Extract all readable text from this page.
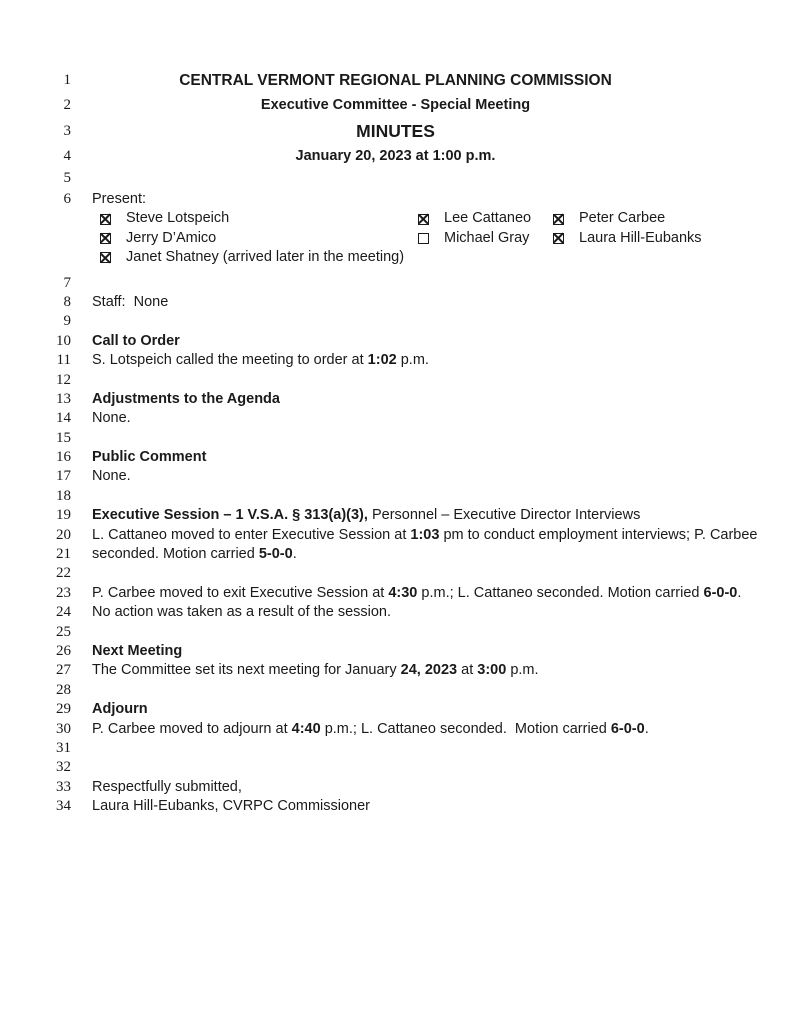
1	CENTRAL VERMONT REGIONAL PLANNING COMMISSION
2	Executive Committee - Special Meeting
3	MINUTES
4	January 20, 2023 at 1:00 p.m.
5
6 Present:
Steve Lotspeich	Lee Cattaneo	Peter Carbee
Jerry D’Amico	Michael Gray	Laura Hill-Eubanks
Janet Shatney (arrived later in the meeting)
7
8 Staff:  None
9
10 Call to Order
11 S. Lotspeich called the meeting to order at 1:02 p.m.
12
13 Adjustments to the Agenda
14 None.
15
16 Public Comment
17 None.
18
19 Executive Session – 1 V.S.A. § 313(a)(3), Personnel – Executive Director Interviews
20 L. Cattaneo moved to enter Executive Session at 1:03 pm to conduct employment interviews; P. Carbee
21 seconded. Motion carried 5-0-0.
22
23 P. Carbee moved to exit Executive Session at 4:30 p.m.; L. Cattaneo seconded. Motion carried 6-0-0.
24 No action was taken as a result of the session.
25
26 Next Meeting
27 The Committee set its next meeting for January 24, 2023 at 3:00 p.m.
28
29 Adjourn
30 P. Carbee moved to adjourn at 4:40 p.m.; L. Cattaneo seconded.  Motion carried 6-0-0.
31
32
33 Respectfully submitted,
34 Laura Hill-Eubanks, CVRPC Commissioner
